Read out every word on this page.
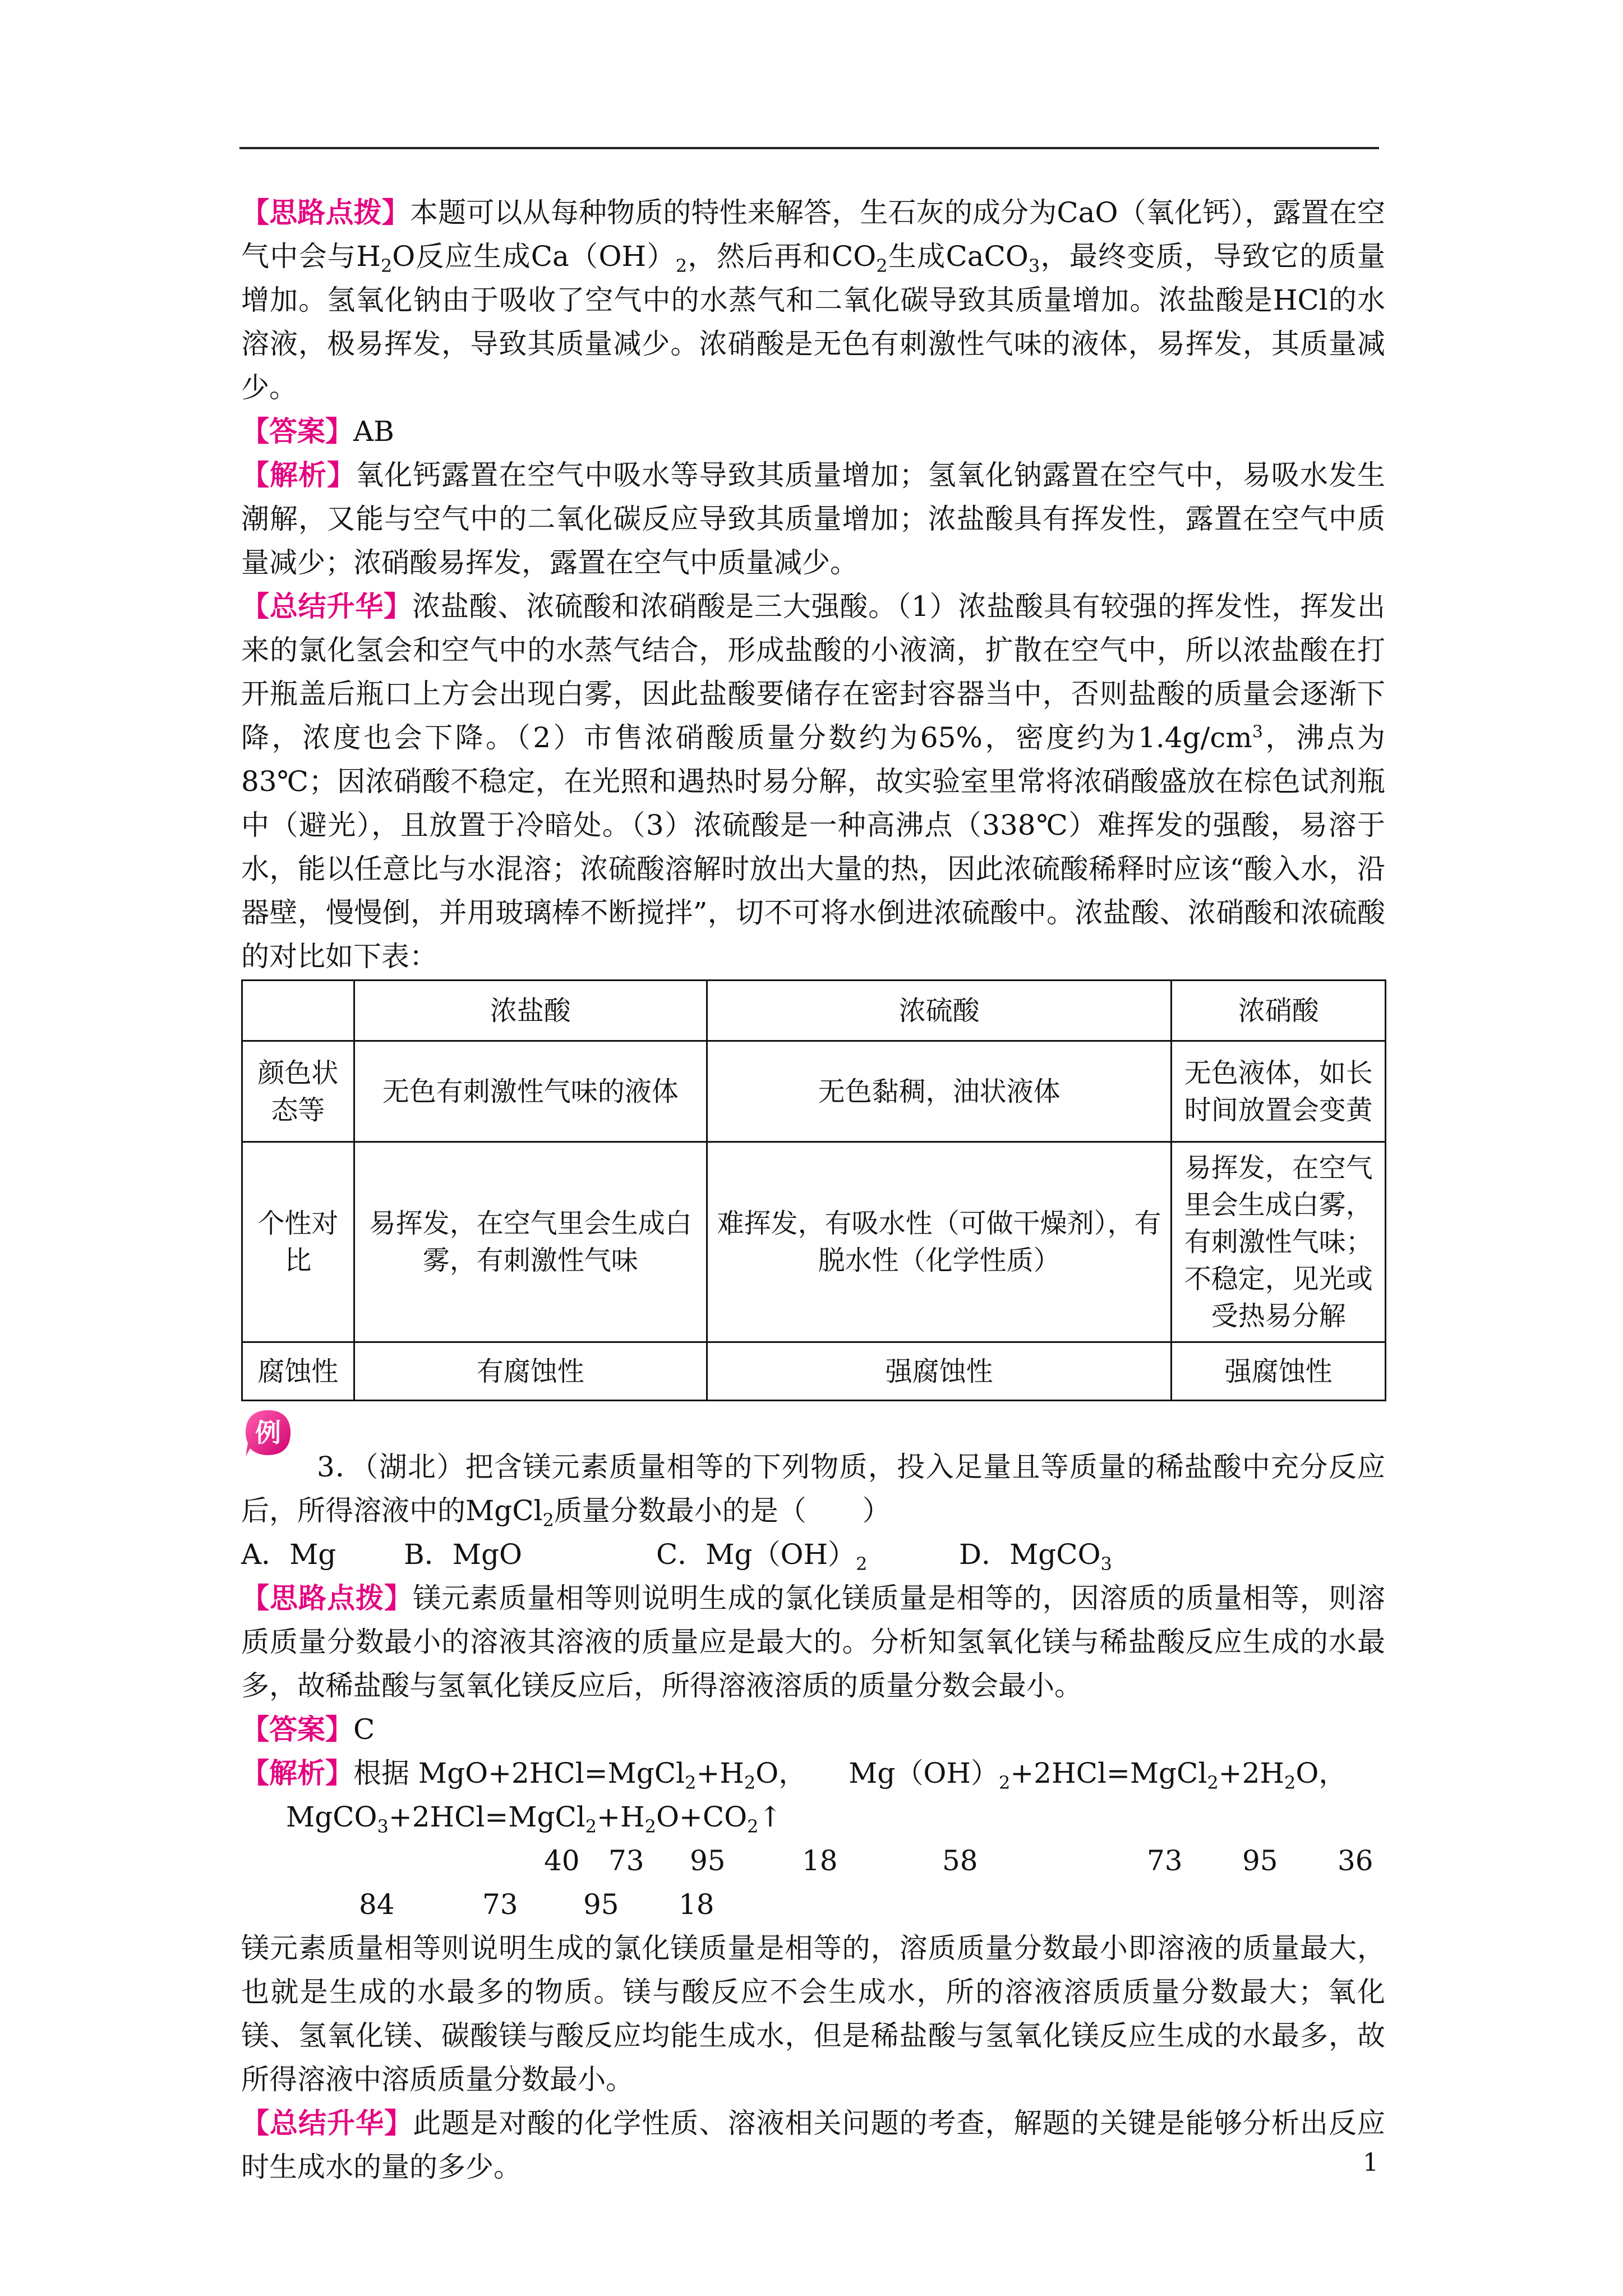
【思路点拨】本题可以从每种物质的特性来解答，生石灰的成分为CaO（氧化钙），露置在空气中会与$H_2O$反应生成$Ca(OH)_2$，然后再和$CO_2$生成CaCO$_3$，最终变质，导致它的质量增加。氢氧化钠由于吸收了空气中的水蒸气和二氧化碳导致其质量增加。浓盐酸是HCl的水溶液，极易挥发，导致其质量减少。浓硝酸是无色有刺激性气味的液体，易挥发，其质量减少。

【答案】AB

【解析】氧化钙露置在空气中吸水等导致其质量增加；氢氧化钠露置在空气中，易吸水发生潮解，又能与空气中的二氧化碳反应导致其质量增加；浓盐酸具有挥发性，露置在空气中质量减少；浓硝酸易挥发，露置在空气中质量减少。

【总结升华】浓盐酸、浓硫酸和浓硝酸是三大强酸。（1）浓盐酸具有较强的挥发性，挥发出来的氯化氢会和空气中的水蒸气结合，形成盐酸的小液滴，扩散在空气中，所以浓盐酸在打开瓶盖后瓶口上方会出现白雾，因此盐酸要储存在密封容器当中，否则盐酸的质量会逐渐下降，浓度也会下降。（2）市售浓硝酸质量分数约为65%，密度约为$1.4g/cm^3$，沸点为83℃；因浓硝酸不稳定，在光照和遇热时易分解，故实验室里常将浓硝酸盛放在棕色试剂瓶中（避光），且放置于冷暗处。（3）浓硫酸是一种高沸点（338℃）难挥发的强酸，易溶于水，能以任意比与水混溶；浓硫酸溶解时放出大量的热，因此浓硫酸稀释时应该“酸入水，沿器壁，慢慢倒，并用玻璃棒不断搅拌”，切不可将水倒进浓硫酸中。浓盐酸、浓硝酸和浓硫酸的对比如下表：

	浓盐酸	浓硫酸	浓硝酸
颜色状态等	无色有刺激性气味的液体	无色黏稠，油状液体	无色液体，如长时间放置会变黄
个性对比	易挥发，在空气里会生成白雾，有刺激性气味	难挥发，有吸水性（可做干燥剂），有脱水性（化学性质）	易挥发，在空气里会生成白雾，有刺激性气味；不稳定，见光或受热易分解
腐蚀性	有腐蚀性	强腐蚀性	强腐蚀性
例

3．（湖北）把含镁元素质量相等的下列物质，投入足量且等质量的稀盐酸中充分反应后，所得溶液中的MgCl$_2$质量分数最小的是（　　）

A．Mg B．MgO	C．$Mg(OH)_2$	D．MgCO$_3$

【思路点拨】镁元素质量相等则说明生成的氯化镁质量是相等的，因溶质的质量相等，则溶质质量分数最小的溶液其溶液的质量应是最大的。分析知氢氧化镁与稀盐酸反应生成的水最多，故稀盐酸与氢氧化镁反应后，所得溶液溶质的质量分数会最小。

【答案】C

【解析】根据 $MgO+2HCl=MgCl_2+H_2O$，　　 $Mg(OH)_2+2HCl=MgCl_2+2H_2O$，

$MgCO_3+2HCl=MgCl_2+H_2O+CO_2↑$

40 73 95	18	58	73 95 36
84	73 95 18

镁元素质量相等则说明生成的氯化镁质量是相等的，溶质质量分数最小即溶液的质量最大，也就是生成的水最多的物质。镁与酸反应不会生成水，所的溶液溶质质量分数最大；氧化镁、氢氧化镁、碳酸镁与酸反应均能生成水，但是稀盐酸与氢氧化镁反应生成的水最多，故所得溶液中溶质质量分数最小。

【总结升华】此题是对酸的化学性质、溶液相关问题的考查，解题的关键是能够分析出反应时生成水的量的多少。	1
